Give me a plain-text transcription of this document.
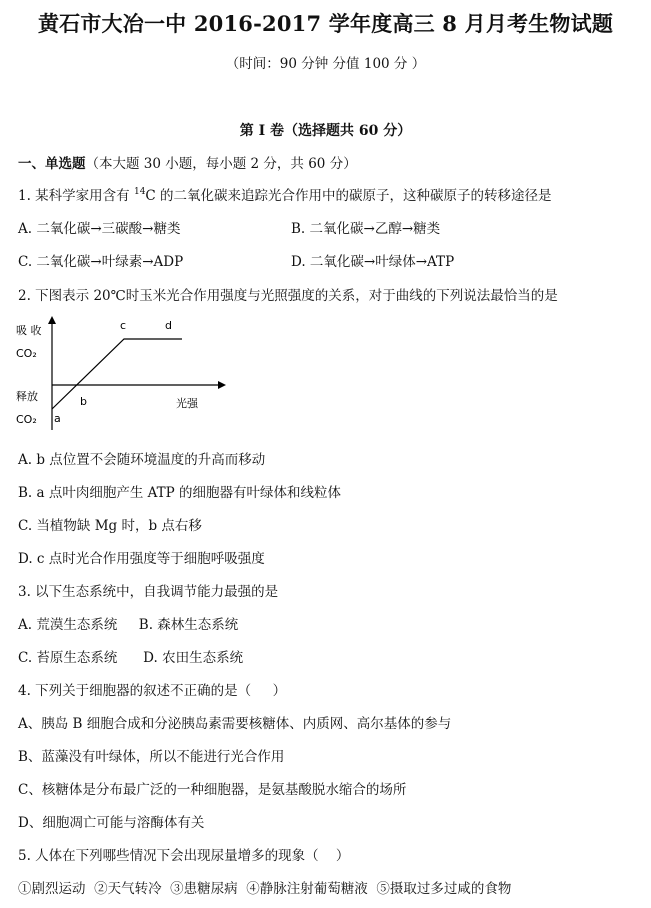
黄石市大冶一中 2016-2017 学年度高三 8 月月考生物试题
（时间：90 分钟 分值 100 分 ）
第 I 卷（选择题共 60 分）
一、单选题（本大题 30 小题，每小题 2 分，共 60 分）
1. 某科学家用含有 $^{14}$C 的二氧化碳来追踪光合作用中的碳原子，这种碳原子的转移途径是
A. 二氧化碳→三碳酸→糖类	B. 二氧化碳→乙醇→糖类
C. 二氧化碳→叶绿素→ADP	D. 二氧化碳→叶绿体→ATP
2. 下图表示 20℃时玉米光合作用强度与光照强度的关系，对于曲线的下列说法最恰当的是
吸 收
CO₂
释放
CO₂ a
b
c	d
光强
A. b 点位置不会随环境温度的升高而移动
B. a 点叶肉细胞产生 ATP 的细胞器有叶绿体和线粒体
C. 当植物缺 Mg 时，b 点右移
D. c 点时光合作用强度等于细胞呼吸强度
3. 以下生态系统中，自我调节能力最强的是
A. 荒漠生态系统     B. 森林生态系统
C. 苔原生态系统      D. 农田生态系统
4. 下列关于细胞器的叙述不正确的是（     ）
A、胰岛 B 细胞合成和分泌胰岛素需要核糖体、内质网、高尔基体的参与
B、蓝藻没有叶绿体，所以不能进行光合作用
C、核糖体是分布最广泛的一种细胞器，是氨基酸脱水缩合的场所
D、细胞凋亡可能与溶酶体有关
5. 人体在下列哪些情况下会出现尿量增多的现象（    ）
①剧烈运动  ②天气转冷  ③患糖尿病  ④静脉注射葡萄糖液  ⑤摄取过多过咸的食物
